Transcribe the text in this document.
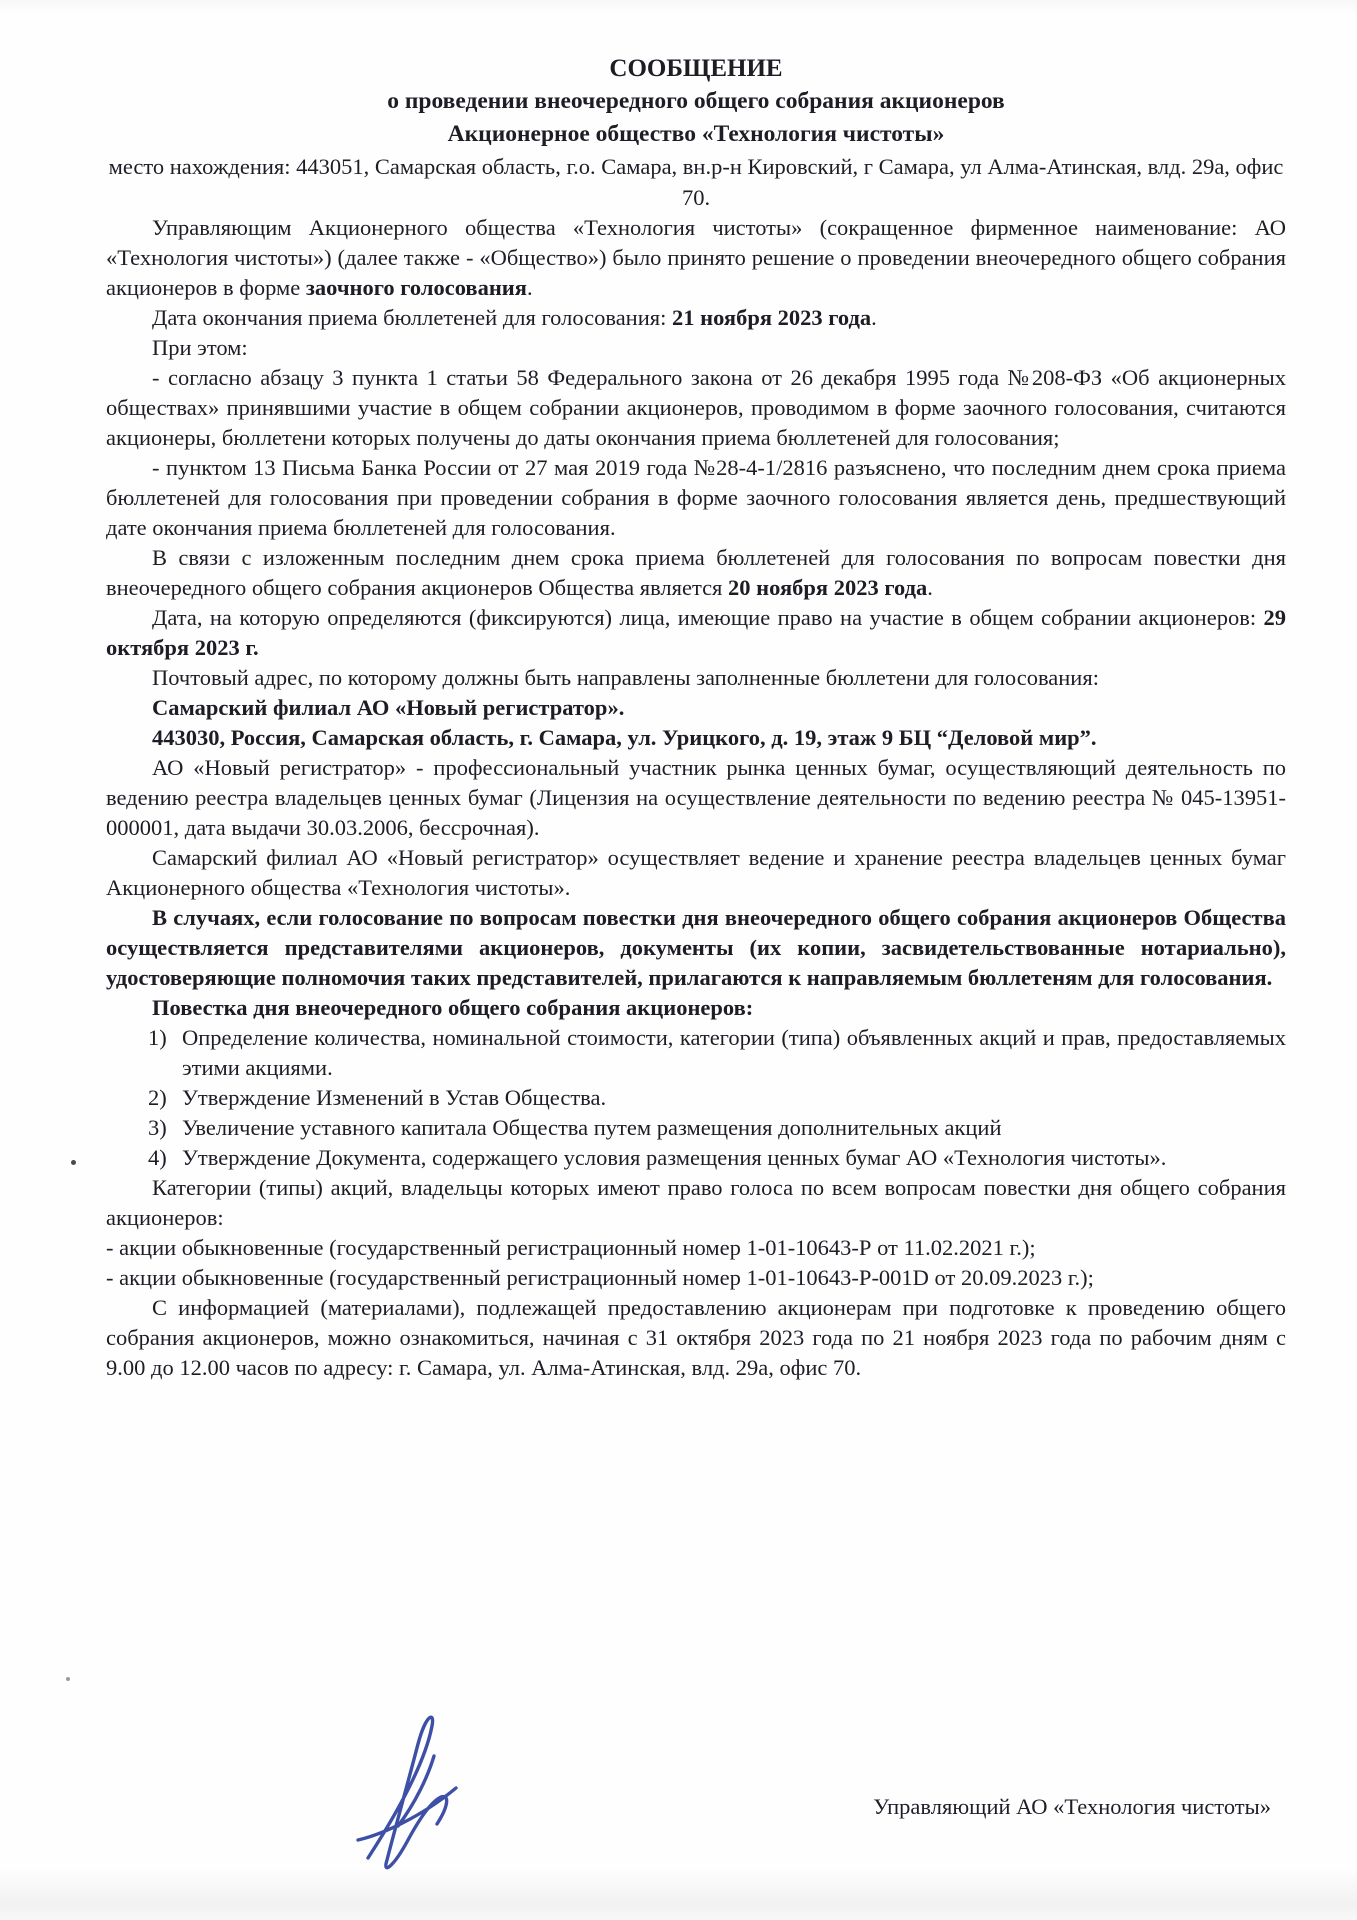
СООБЩЕНИЕ

о проведении внеочередного общего собрания акционеров

Акционерное общество «Технология чистоты»

место нахождения: 443051, Самарская область, г.о. Самара, вн.р-н Кировский, г Самара, ул Алма-Атинская, влд. 29а, офис 70.

Управляющим Акционерного общества «Технология чистоты» (сокращенное фирменное наименование: АО «Технология чистоты») (далее также - «Общество») было принято решение о проведении внеочередного общего собрания акционеров в форме заочного голосования.

Дата окончания приема бюллетеней для голосования: 21 ноября 2023 года.

При этом:

- согласно абзацу 3 пункта 1 статьи 58 Федерального закона от 26 декабря 1995 года №208-ФЗ «Об акционерных обществах» принявшими участие в общем собрании акционеров, проводимом в форме заочного голосования, считаются акционеры, бюллетени которых получены до даты окончания приема бюллетеней для голосования;

- пунктом 13 Письма Банка России от 27 мая 2019 года №28-4-1/2816 разъяснено, что последним днем срока приема бюллетеней для голосования при проведении собрания в форме заочного голосования является день, предшествующий дате окончания приема бюллетеней для голосования.

В связи с изложенным последним днем срока приема бюллетеней для голосования по вопросам повестки дня внеочередного общего собрания акционеров Общества является 20 ноября 2023 года.

Дата, на которую определяются (фиксируются) лица, имеющие право на участие в общем собрании акционеров: 29 октября 2023 г.

Почтовый адрес, по которому должны быть направлены заполненные бюллетени для голосования:

Самарский филиал АО «Новый регистратор».

443030, Россия, Самарская область, г. Самара, ул. Урицкого, д. 19, этаж 9 БЦ “Деловой мир”.

АО «Новый регистратор» - профессиональный участник рынка ценных бумаг, осуществляющий деятельность по ведению реестра владельцев ценных бумаг (Лицензия на осуществление деятельности по ведению реестра № 045-13951-000001, дата выдачи 30.03.2006, бессрочная).

Самарский филиал АО «Новый регистратор» осуществляет ведение и хранение реестра владельцев ценных бумаг Акционерного общества «Технология чистоты».

В случаях, если голосование по вопросам повестки дня внеочередного общего собрания акционеров Общества осуществляется представителями акционеров, документы (их копии, засвидетельствованные нотариально), удостоверяющие полномочия таких представителей, прилагаются к направляемым бюллетеням для голосования.

Повестка дня внеочередного общего собрания акционеров:

1) Определение количества, номинальной стоимости, категории (типа) объявленных акций и прав, предоставляемых этими акциями.
2) Утверждение Изменений в Устав Общества.
3) Увеличение уставного капитала Общества путем размещения дополнительных акций
4) Утверждение Документа, содержащего условия размещения ценных бумаг АО «Технология чистоты».

Категории (типы) акций, владельцы которых имеют право голоса по всем вопросам повестки дня общего собрания акционеров:

- акции обыкновенные (государственный регистрационный номер 1-01-10643-Р от 11.02.2021 г.);

- акции обыкновенные (государственный регистрационный номер 1-01-10643-Р-001D от 20.09.2023 г.);

С информацией (материалами), подлежащей предоставлению акционерам при подготовке к проведению общего собрания акционеров, можно ознакомиться, начиная с 31 октября 2023 года по 21 ноября 2023 года по рабочим дням с 9.00 до 12.00 часов по адресу: г. Самара, ул. Алма-Атинская, влд. 29а, офис 70.

Управляющий АО «Технология чистоты»
